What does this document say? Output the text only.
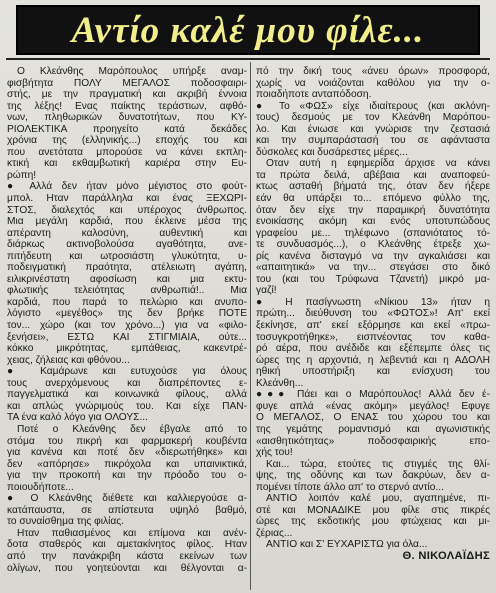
Αντίο καλέ μου φίλε...
Ο Κλεάνθης Μαρόπουλος υπήρξε αναμ-
φισβήτητα ΠΟΛΥ ΜΕΓΑΛΟΣ ποδοσφαιρι-
στής, με την πραγματική και ακριβή έννοια
της λέξης! Ενας παίκτης τεράστιων, αφθό-
νων, πληθωρικών δυνατοτήτων, που ΚΥ-
ΡΙΟΛΕΚΤΙΚΑ προηγείτο κατά δεκάδες
χρόνια της (ελληνικής...) εποχής του και
που ανετότατα μπορούσε να κάνει εκπλη-
κτική και εκθαμβωτική καριέρα στην Ευ-
ρώπη!
● Αλλά δεν ήταν μόνο μέγιστος στο φούτ-
μπολ. Ηταν παράλληλα και ένας ΞΕΧΩΡΙ-
ΣΤΟΣ, διαλεχτός και υπέροχος άνθρωπος.
Μια μεγάλη καρδιά, που έκλεινε μέσα της
απέραντη καλοσύνη, αυθεντική και
διάρκως ακτινοβολούσα αγαθότητα, ανε-
πιτήδευτη και ωτροσιάστη γλυκύτητα, υ-
ποδειγματική πραότητα, ατέλειωτη αγάπη,
ειλικρινέστατη αφοσίωση και μια εκτυ-
φλωτικής τελειότητας ανθρωπιά!.. Μια
καρδιά, που παρά το πελώριο και ανυπο-
λόγιστο «μεγέθος» της δεν βρήκε ΠΟΤΕ
τον... χώρο (και τον χρόνο...) για να «φιλο-
ξενήσει», ΕΣΤΩ ΚΑΙ ΣΤΙΓΜΙΑΙΑ, ούτε...
κόκκο μικρότητας, εμπάθειας, κακεντρέ-
χειας, ζήλειας και φθόνου...
● Καμάρωνε και ευτυχούσε για όλους
τους ανερχόμενους και διαπρέποντες ε-
παγγελματικά και κοινωνικά φίλους, αλλά
και απλώς γνώριμούς του. Και είχε ΠΑΝ-
ΤΑ ένα καλό λόγο για ΟΛΟΥΣ...
Ποτέ ο Κλεάνθης δεν έβγαλε από το
στόμα του πικρή και φαρμακερή κουβέντα
για κανένα και ποτέ δεν «διερωτήθηκε» και
δεν «απόρησε» πικρόχολα και υπαινικτικά,
για την προκοπή και την πρόοδο του ο-
ποιουδήποτε...
● Ο Κλεάνθης διέθετε και καλλιεργούσε α-
κατάπαυστα, σε απίστευτα υψηλό βαθμό,
το συναίσθημα της φιλίας.
Ηταν παθιασμένος και επίμονα και ανέν-
δοτα σταθερός και αμετακίνητος φίλος. Ηταν
από την πανάκριβη κάστα εκείνων των
ολίγων, που γοητεύονται και θέλγονται α-
πό την δική τους «άνευ όρων» προσφορά,
χωρίς να νοιάζονται καθόλου για την ο-
ποιαδήποτε ανταπόδοση.
● Το «ΦΩΣ» είχε ιδιαίτερους (και ακλόνη-
τους) δεσμούς με τον Κλεάνθη Μαρόπου-
λο. Και ένιωσε και γνώρισε την ζεστασιά
και την συμπαράστασή του σε αφάνταστα
δύσκολες και δυσάρεστες μέρες...
Οταν αυτή η εφημερίδα άρχισε να κάνει
τα πρώτα δειλά, αβέβαια και αναποφεύ-
κτως ασταθή βήματά της, όταν δεν ήξερε
εάν θα υπάρξει το... επόμενο φύλλο της,
όταν δεν είχε την παραμικρή δυνατότητα
ενοικίασης ακόμη και ενός υποτυπώδους
γραφείου με... τηλέφωνο (σπανιότατος τό-
τε συνδυασμός...), ο Κλεάνθης έτρεξε χω-
ρίς κανένα δισταγμό να την αγκαλιάσει και
«απαιτητικά» να την... στεγάσει στο δικό
του (και του Τρύφωνα Τζανετή) μικρό μα-
γαζί!
● Η πασίγνωστη «Νίκιου 13» ήταν η
πρώτη... διεύθυνση του «ΦΩΤΟΣ»! Απ' εκεί
ξεκίνησε, απ' εκεί εξόρμησε και εκεί «πρω-
τοσυγκροτήθηκε», εισπνέοντας τον καθα-
ρό αέρα, που ανέδιδε και εξέπεμπε όλες τις
ώρες της η αρχοντιά, η λεβεντιά και η ΑΔΟΛΗ
ηθική υποστήριξη και ενίσχυση του
Κλεάνθη...
●●● Πάει και ο Μαρόπουλος! Αλλά δεν έ-
φυγε απλά «ένας ακόμη» μεγάλος! Εφυγε
Ο ΜΕΓΑΛΟΣ, Ο ΕΝΑΣ του χώρου του και
της γεμάτης ρομαντισμό και αγωνιστικής
«αισθητικότητας» ποδοσφαιρικής επο-
χής του!
Και... τώρα, ετούτες τις στιγμές της θλί-
ψης, της οδύνης και των δακρύων, δεν α-
πομένει τίποτε άλλο απ' το στερνό αντίο...
ΑΝΤΙΟ λοιπόν καλέ μου, αγαπημένε, πι-
στέ και ΜΟΝΑΔΙΚΕ μου φίλε στις πικρές
ώρες της εκδοτικής μου φτώχειας και μι-
ζέριας...
ΑΝΤΙΟ και Σ' ΕΥΧΑΡΙΣΤΩ για όλα...
Θ. ΝΙΚΟΛΑΪΔΗΣ
